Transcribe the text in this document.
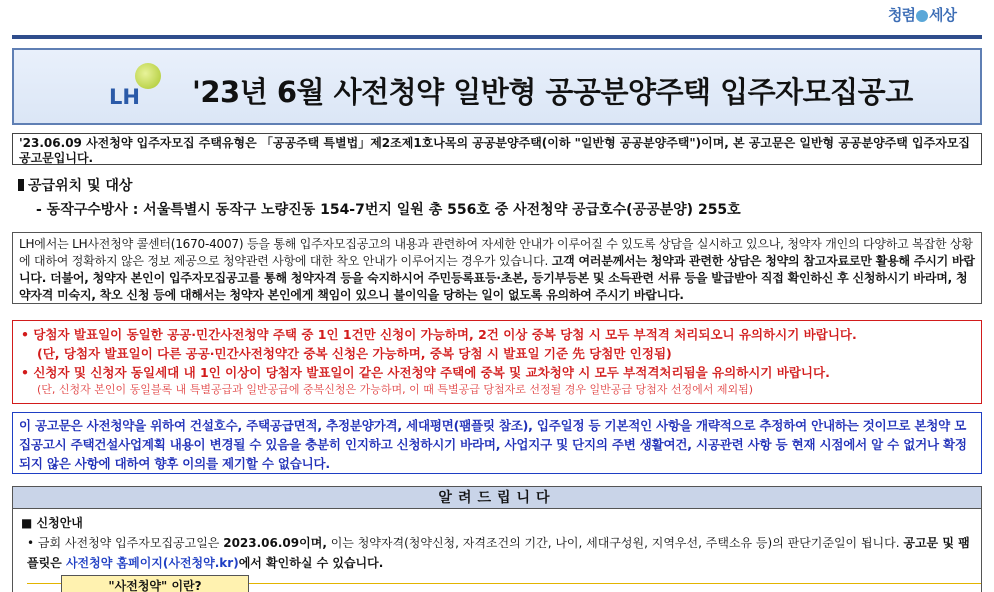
청렴 세상
LH '23년 6월 사전청약 일반형 공공분양주택 입주자모집공고
'23.06.09 사전청약 입주자모집 주택유형은 「공공주택 특별법」제2조제1호나목의 공공분양주택(이하 "일반형 공공분양주택")이며, 본 공고문은 일반형 공공분양주택 입주자모집공고문입니다.
공급위치 및 대상
- 동작구수방사 : 서울특별시 동작구 노량진동 154-7번지 일원 총 556호 중 사전청약 공급호수(공공분양) 255호
LH에서는 LH사전청약 콜센터(1670-4007) 등을 통해 입주자모집공고의 내용과 관련하여 자세한 안내가 이루어질 수 있도록 상담을 실시하고 있으나, 청약자 개인의 다양하고 복잡한 상황에 대하여 정확하지 않은 정보 제공으로 청약관련 사항에 대한 착오 안내가 이루어지는 경우가 있습니다. 고객 여러분께서는 청약과 관련한 상담은 청약의 참고자료로만 활용해 주시기 바랍니다. 더불어, 청약자 본인이 입주자모집공고를 통해 청약자격 등을 숙지하시어 주민등록표등·초본, 등기부등본 및 소득관련 서류 등을 발급받아 직접 확인하신 후 신청하시기 바라며, 청약자격 미숙지, 착오 신청 등에 대해서는 청약자 본인에게 책임이 있으니 불이익을 당하는 일이 없도록 유의하여 주시기 바랍니다.
• 당첨자 발표일이 동일한 공공·민간사전청약 주택 중 1인 1건만 신청이 가능하며, 2건 이상 중복 당첨 시 모두 부적격 처리되오니 유의하시기 바랍니다.
(단, 당첨자 발표일이 다른 공공·민간사전청약간 중복 신청은 가능하며, 중복 당첨 시 발표일 기준 先 당첨만 인정됨)
• 신청자 및 신청자 동일세대 내 1인 이상이 당첨자 발표일이 같은 사전청약 주택에 중복 및 교차청약 시 모두 부적격처리됨을 유의하시기 바랍니다.
(단, 신청자 본인이 동일블록 내 특별공급과 일반공급에 중복신청은 가능하며, 이 때 특별공급 당첨자로 선정될 경우 일반공급 당첨자 선정에서 제외됨)
이 공고문은 사전청약을 위하여 건설호수, 주택공급면적, 추정분양가격, 세대평면(팸플릿 참조), 입주일정 등 기본적인 사항을 개략적으로 추정하여 안내하는 것이므로 본청약 모집공고시 주택건설사업계획 내용이 변경될 수 있음을 충분히 인지하고 신청하시기 바라며, 사업지구 및 단지의 주변 생활여건, 시공관련 사항 등 현재 시점에서 알 수 없거나 확정되지 않은 사항에 대하여 향후 이의를 제기할 수 없습니다.
알려드립니다
■ 신청안내
• 금회 사전청약 입주자모집공고일은 2023.06.09이며, 이는 청약자격(청약신청, 자격조건의 기간, 나이, 세대구성원, 지역우선, 주택소유 등)의 판단기준일이 됩니다. 공고문 및 팸플릿은 사전청약 홈페이지(사전청약.kr)에서 확인하실 수 있습니다.
"사전청약" 이란?
